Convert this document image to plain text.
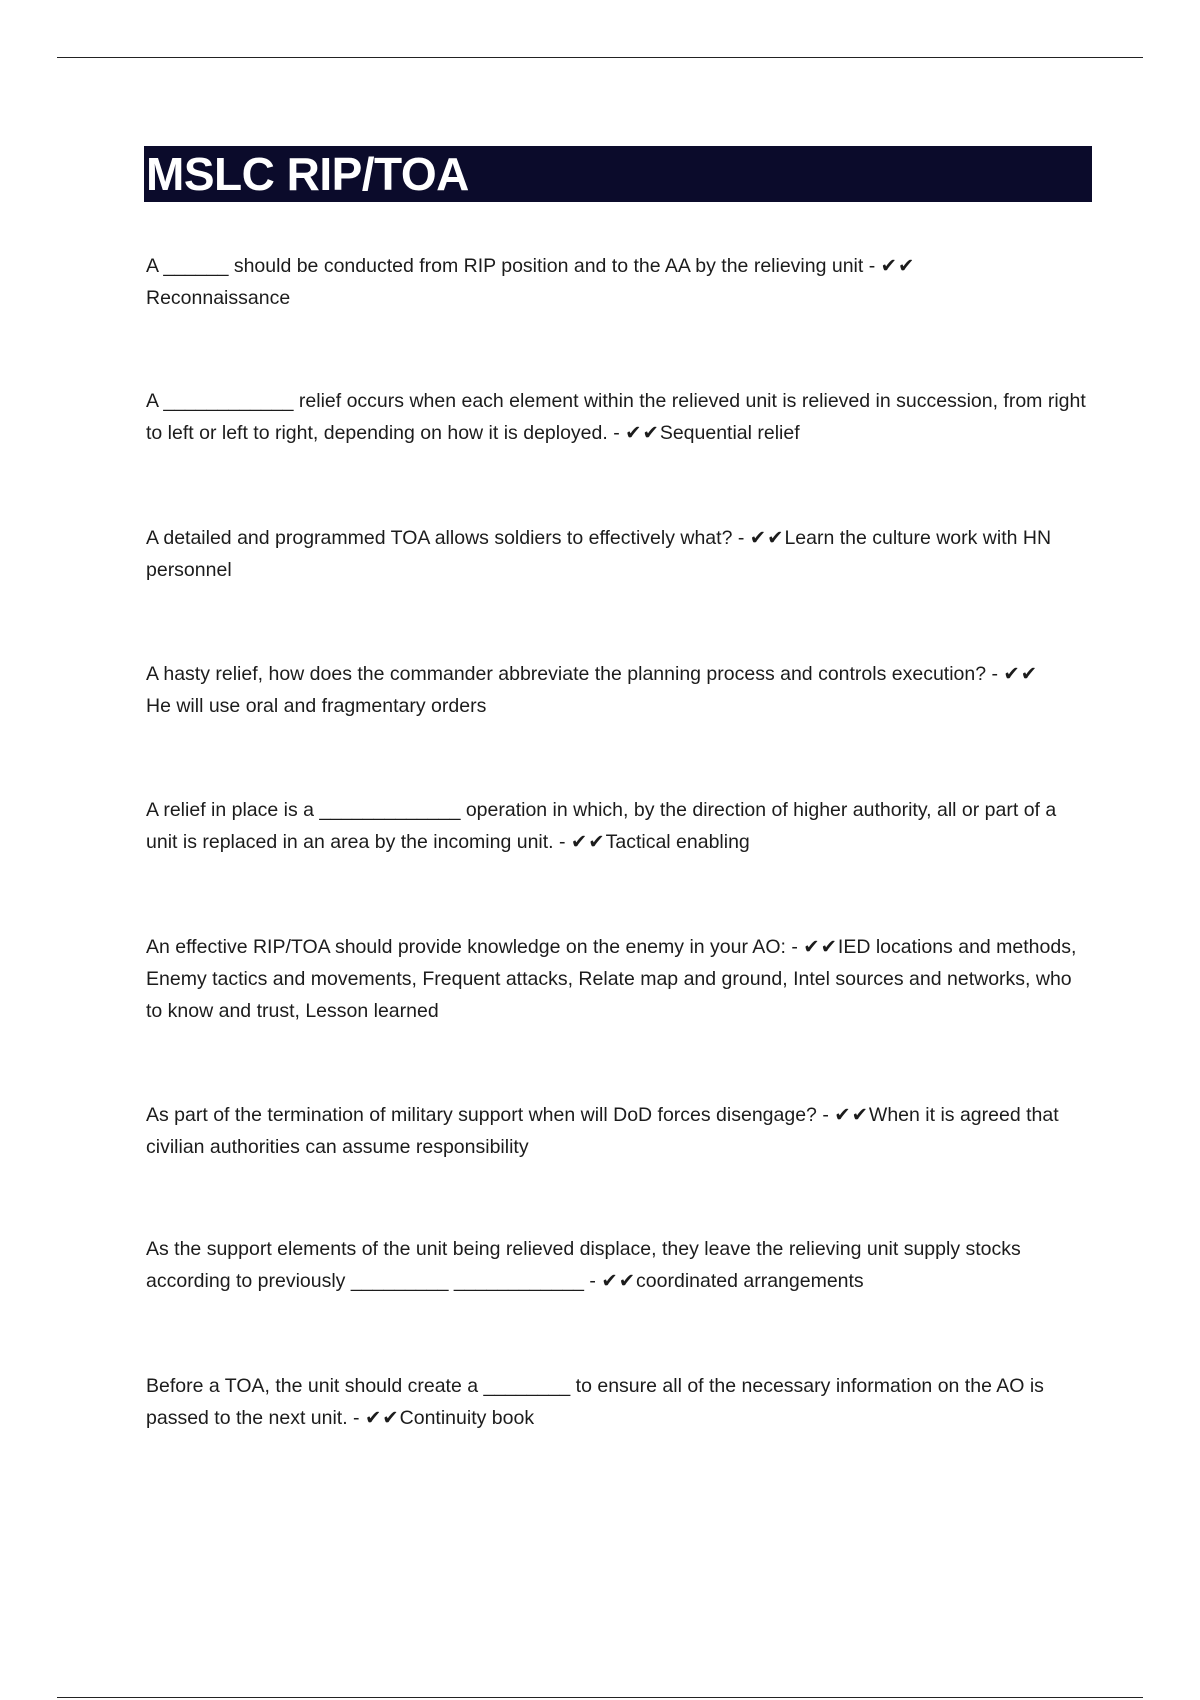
MSLC RIP/TOA
A ______ should be conducted from RIP position and to the AA by the relieving unit - ✔✔
Reconnaissance
A ____________ relief occurs when each element within the relieved unit is relieved in succession, from right to left or left to right, depending on how it is deployed. - ✔✔Sequential relief
A detailed and programmed TOA allows soldiers to effectively what? - ✔✔Learn the culture work with HN personnel
A hasty relief, how does the commander abbreviate the planning process and controls execution? - ✔✔
He will use oral and fragmentary orders
A relief in place is a _____________ operation in which, by the direction of higher authority, all or part of a unit is replaced in an area by the incoming unit. - ✔✔Tactical enabling
An effective RIP/TOA should provide knowledge on the enemy in your AO: - ✔✔IED locations and methods, Enemy tactics and movements, Frequent attacks, Relate map and ground, Intel sources and networks, who to know and trust, Lesson learned
As part of the termination of military support when will DoD forces disengage? - ✔✔When it is agreed that civilian authorities can assume responsibility
As the support elements of the unit being relieved displace, they leave the relieving unit supply stocks according to previously _________ ____________ - ✔✔coordinated arrangements
Before a TOA, the unit should create a ________ to ensure all of the necessary information on the AO is passed to the next unit. - ✔✔Continuity book
